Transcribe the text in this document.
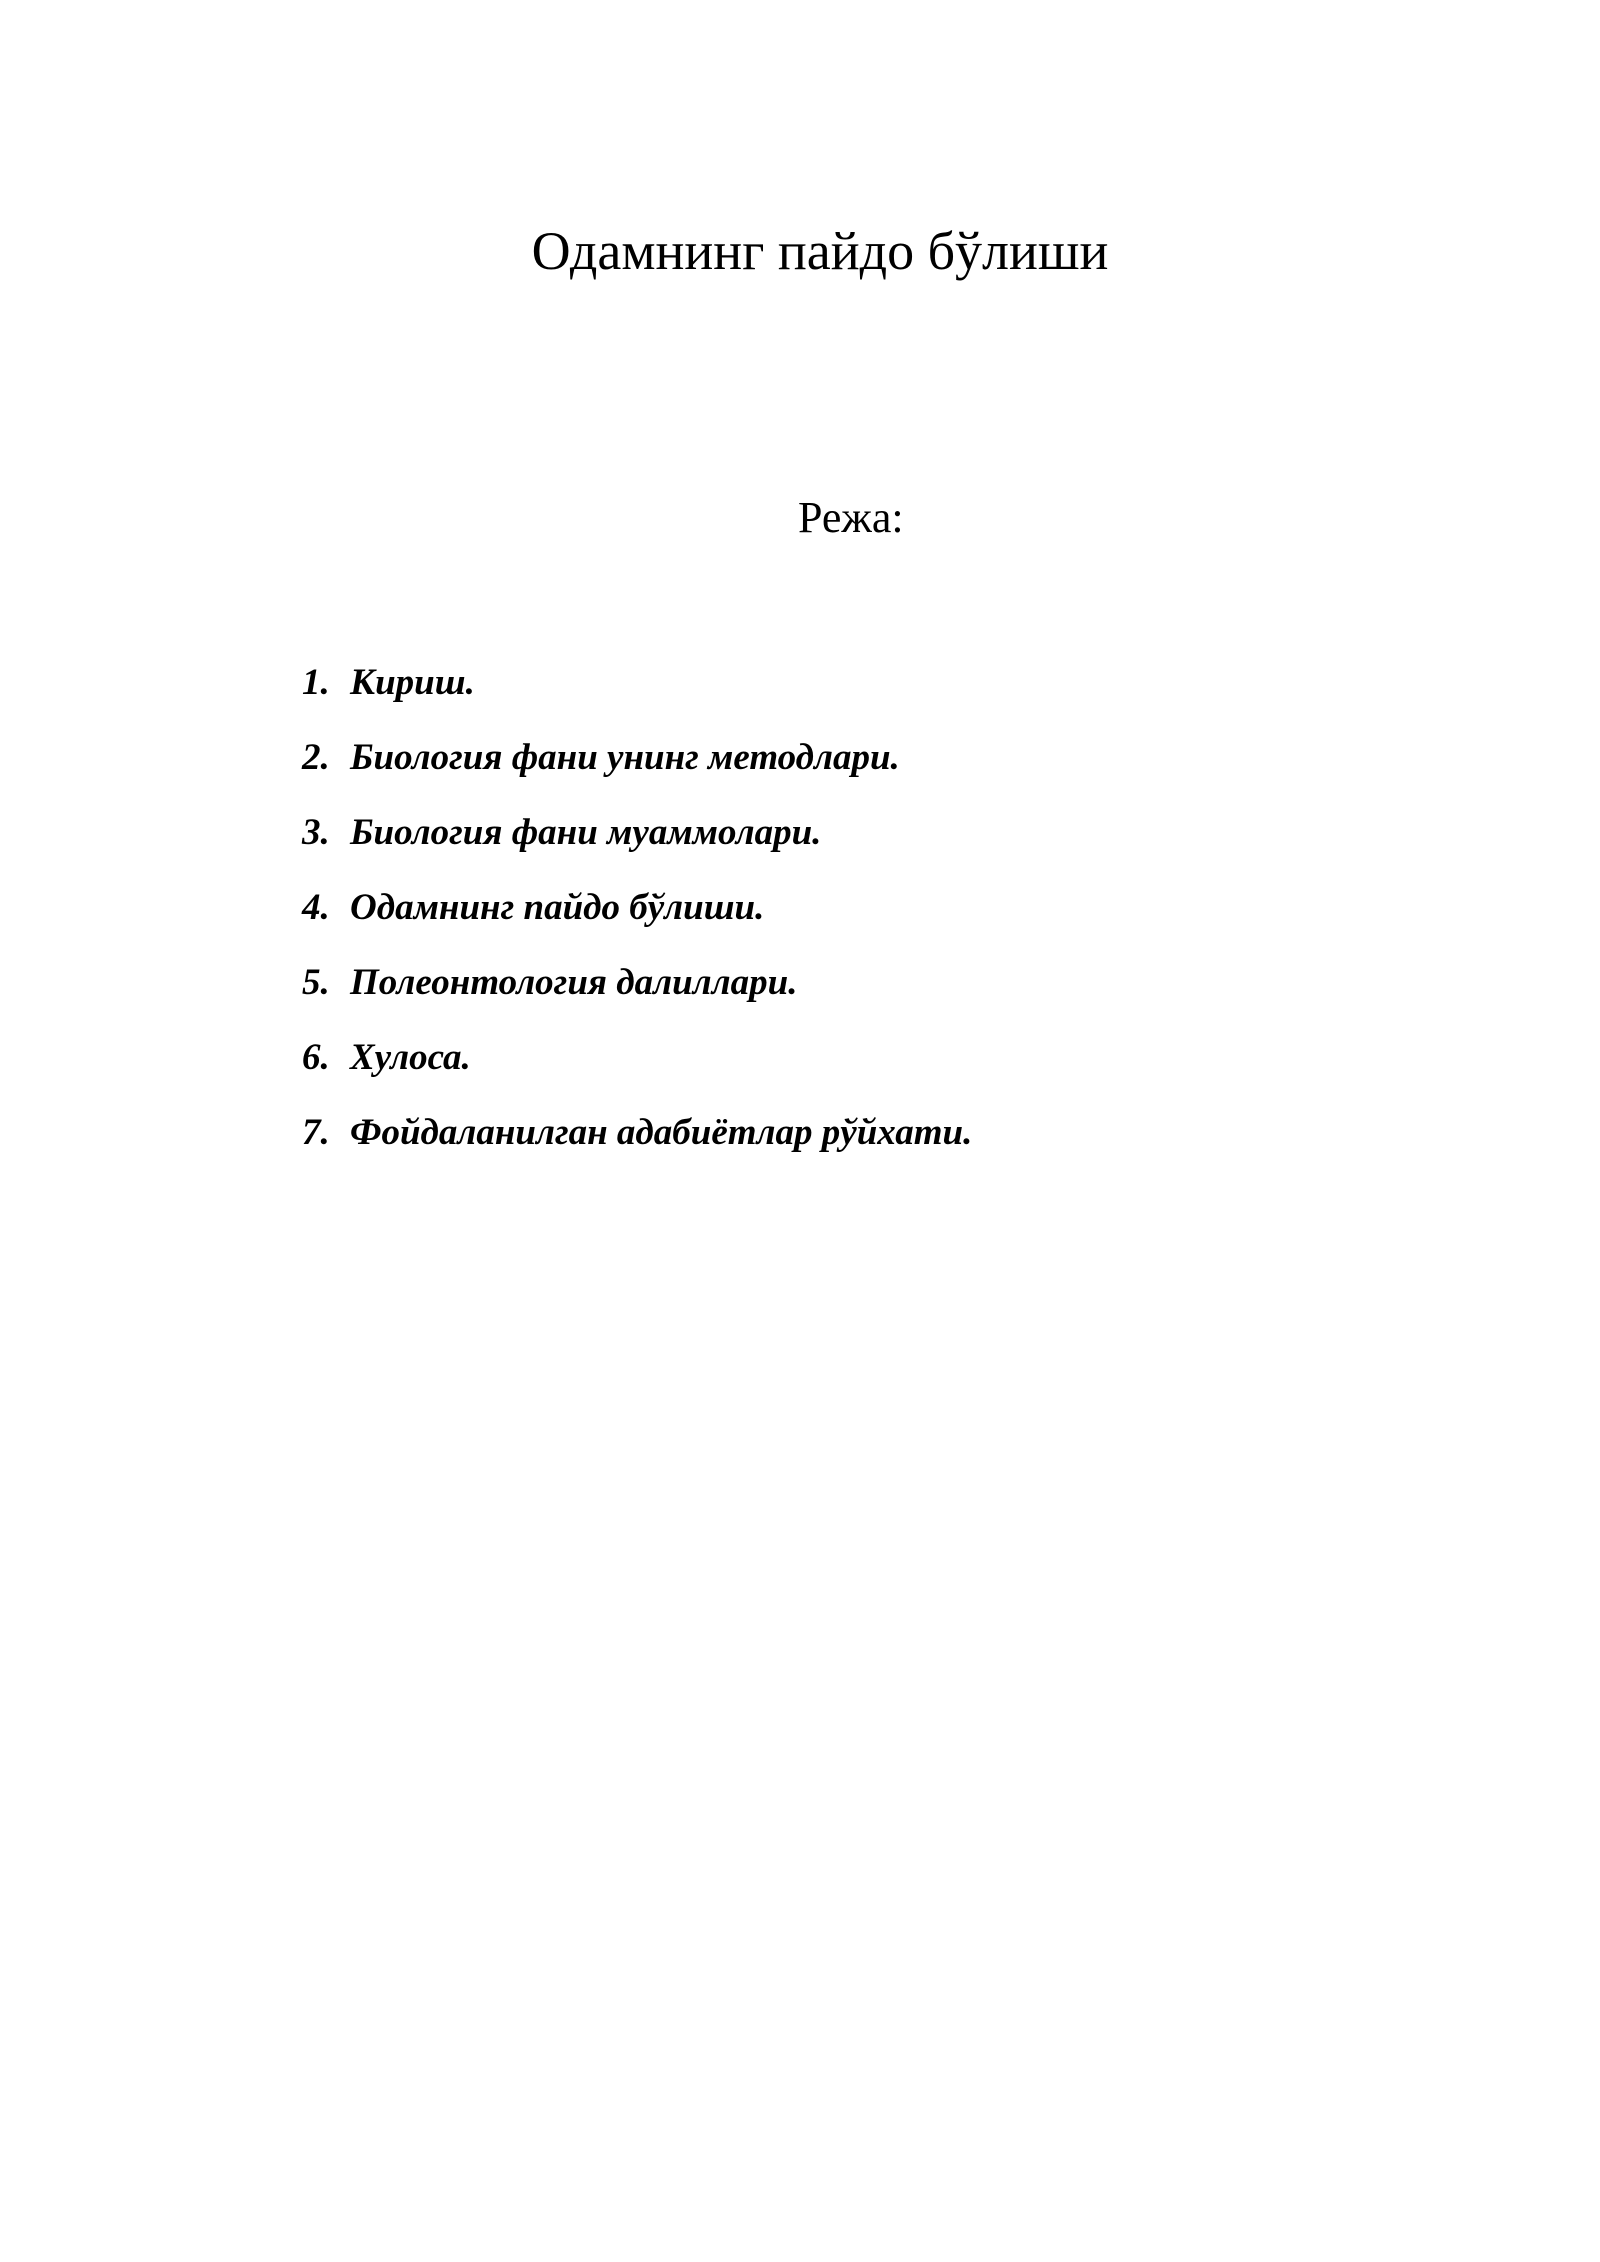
Одамнинг пайдо бўлиши
Режа:
1. Кириш.
2. Биология фани унинг методлари.
3. Биология фани муаммолари.
4. Одамнинг пайдо бўлиши.
5. Полеонтология далиллари.
6. Хулоса.
7. Фойдаланилган адабиётлар рўйхати.
